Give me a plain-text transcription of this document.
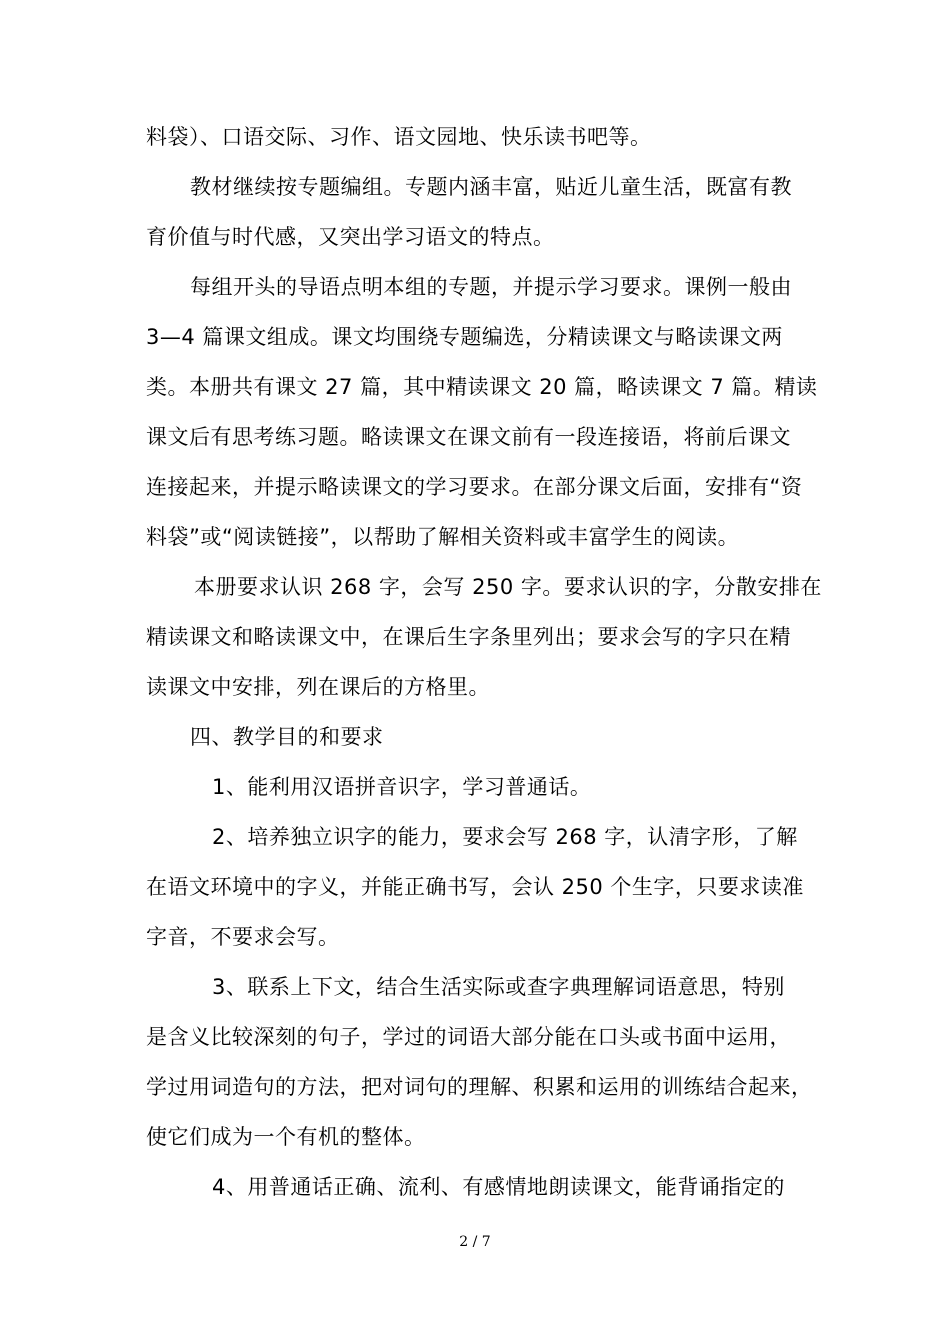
料袋）、口语交际、习作、语文园地、快乐读书吧等。
教材继续按专题编组。专题内涵丰富，贴近儿童生活，既富有教
育价值与时代感，又突出学习语文的特点。
每组开头的导语点明本组的专题，并提示学习要求。课例一般由
3—4 篇课文组成。课文均围绕专题编选，分精读课文与略读课文两
类。本册共有课文 27 篇，其中精读课文 20 篇，略读课文 7 篇。精读
课文后有思考练习题。略读课文在课文前有一段连接语，将前后课文
连接起来，并提示略读课文的学习要求。在部分课文后面，安排有“资
料袋”或“阅读链接”，以帮助了解相关资料或丰富学生的阅读。
本册要求认识 268 字，会写 250 字。要求认识的字，分散安排在
精读课文和略读课文中，在课后生字条里列出；要求会写的字只在精
读课文中安排，列在课后的方格里。
四、教学目的和要求
1、能利用汉语拼音识字，学习普通话。
2、培养独立识字的能力，要求会写 268 字，认清字形，了解
在语文环境中的字义，并能正确书写，会认 250 个生字，只要求读准
字音，不要求会写。
3、联系上下文，结合生活实际或查字典理解词语意思，特别
是含义比较深刻的句子，学过的词语大部分能在口头或书面中运用，
学过用词造句的方法，把对词句的理解、积累和运用的训练结合起来，
使它们成为一个有机的整体。
4、用普通话正确、流利、有感情地朗读课文，能背诵指定的
2 / 7
